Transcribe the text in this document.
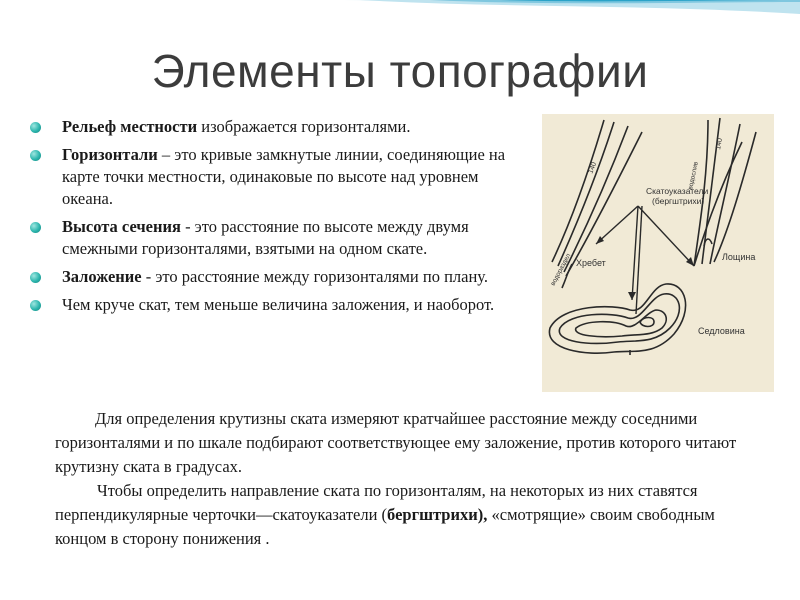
Элементы топографии
Рельеф местности изображается горизонталями.
Горизонтали – это кривые замкнутые линии, соединяющие на карте точки местности, одинаковые по высоте над уровнем океана.
Высота сечения - это расстояние по высоте между двумя смежными горизонталями, взятыми на одном скате.
Заложение - это расстояние между горизонталями по плану.
Чем круче скат, тем меньше величина заложения, и наоборот.
Скатоуказатели
(бергштрихи)
Хребет
Лощина
Седловина
140
140
водораздел
водослив

Для определения крутизны ската измеряют кратчайшее расстояние между соседними горизонталями и по шкале подбирают соответствующее ему заложение, против которого читают крутизну ската в градусах.

Чтобы определить направление ската по горизонталям, на некоторых из них ставятся перпендикулярные черточки—скатоуказатели (бергштрихи), «смотрящие» своим свободным концом в сторону понижения .
